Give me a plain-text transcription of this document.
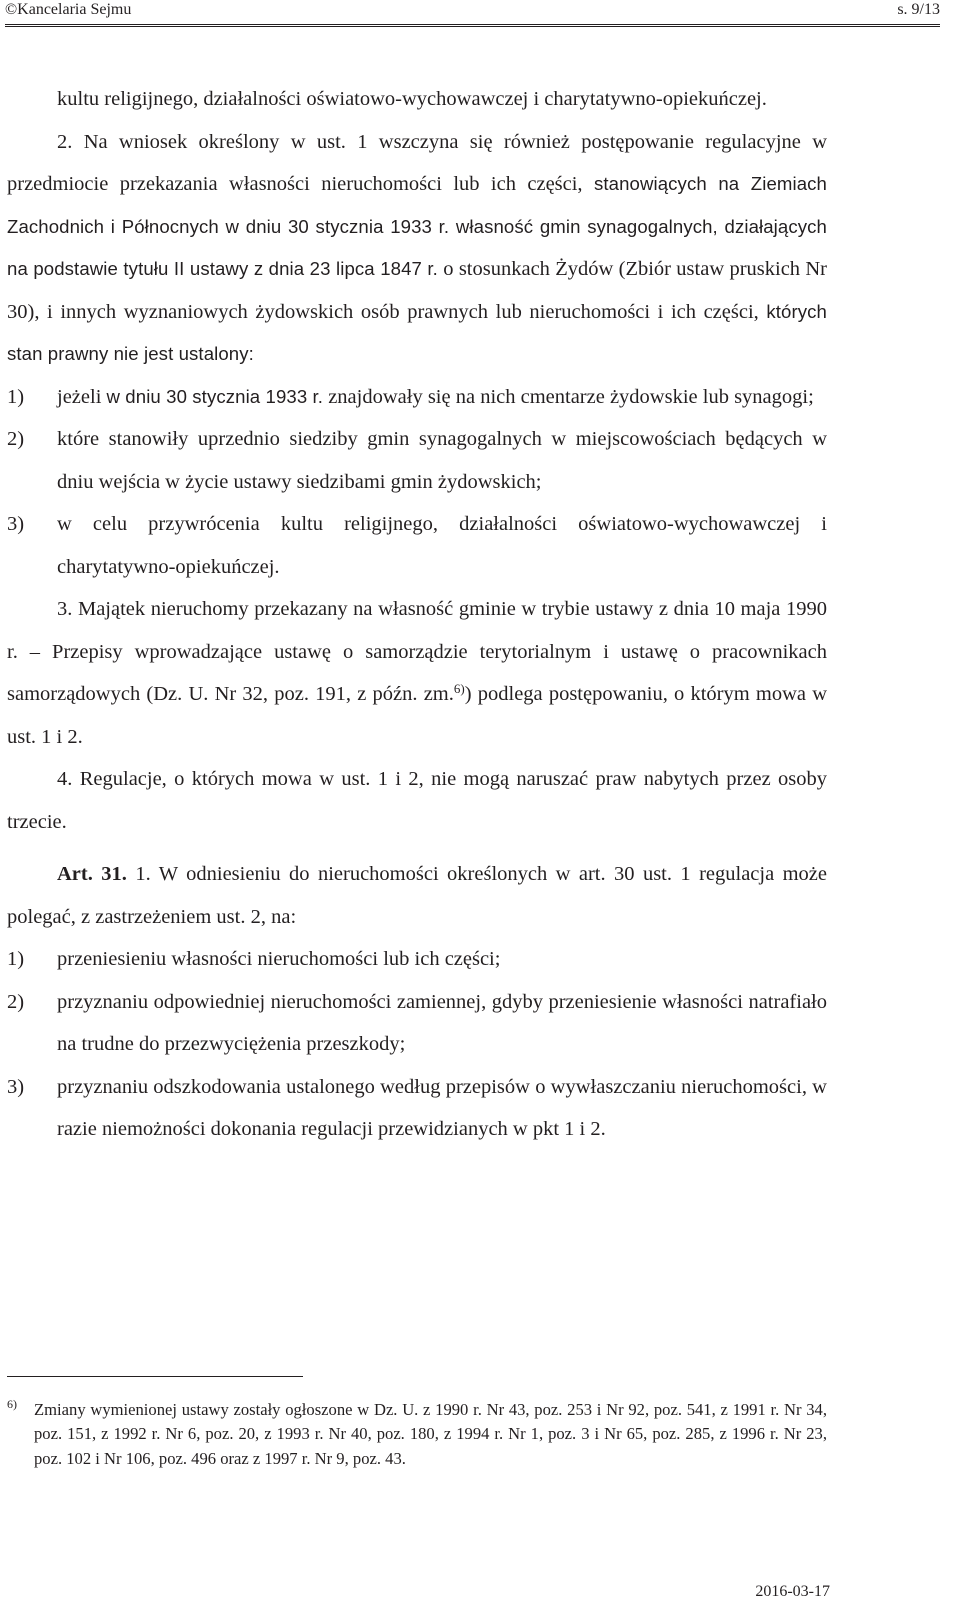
©Kancelaria Sejmu	s. 9/13

kultu religijnego, działalności oświatowo-wychowawczej i charytatywno-opiekuńczej.

2. Na wniosek określony w ust. 1 wszczyna się również postępowanie regulacyjne w przedmiocie przekazania własności nieruchomości lub ich części, stanowiących na Ziemiach Zachodnich i Północnych w dniu 30 stycznia 1933 r. własność gmin synagogalnych, działających na podstawie tytułu II ustawy z dnia 23 lipca 1847 r. o stosunkach Żydów (Zbiór ustaw pruskich Nr 30), i innych wyznaniowych żydowskich osób prawnych lub nieruchomości i ich części, których stan prawny nie jest ustalony:

1) jeżeli w dniu 30 stycznia 1933 r. znajdowały się na nich cmentarze żydowskie lub synagogi;
2) które stanowiły uprzednio siedziby gmin synagogalnych w miejscowościach będących w dniu wejścia w życie ustawy siedzibami gmin żydowskich;
3) w celu przywrócenia kultu religijnego, działalności oświatowo-wychowawczej i charytatywno-opiekuńczej.

3. Majątek nieruchomy przekazany na własność gminie w trybie ustawy z dnia 10 maja 1990 r. – Przepisy wprowadzające ustawę o samorządzie terytorialnym i ustawę o pracownikach samorządowych (Dz. U. Nr 32, poz. 191, z późn. zm.$^{6)}$) podlega postępowaniu, o którym mowa w ust. 1 i 2.

4. Regulacje, o których mowa w ust. 1 i 2, nie mogą naruszać praw nabytych przez osoby trzecie.

Art. 31. 1. W odniesieniu do nieruchomości określonych w art. 30 ust. 1 regulacja może polegać, z zastrzeżeniem ust. 2, na:

1) przeniesieniu własności nieruchomości lub ich części;
2) przyznaniu odpowiedniej nieruchomości zamiennej, gdyby przeniesienie własności natrafiało na trudne do przezwyciężenia przeszkody;
3) przyznaniu odszkodowania ustalonego według przepisów o wywłaszczaniu nieruchomości, w razie niemożności dokonania regulacji przewidzianych w pkt 1 i 2.
6) Zmiany wymienionej ustawy zostały ogłoszone w Dz. U. z 1990 r. Nr 43, poz. 253 i Nr 92, poz. 541, z 1991 r. Nr 34, poz. 151, z 1992 r. Nr 6, poz. 20, z 1993 r. Nr 40, poz. 180, z 1994 r. Nr 1, poz. 3 i Nr 65, poz. 285, z 1996 r. Nr 23, poz. 102 i Nr 106, poz. 496 oraz z 1997 r. Nr 9, poz. 43.
2016-03-17
